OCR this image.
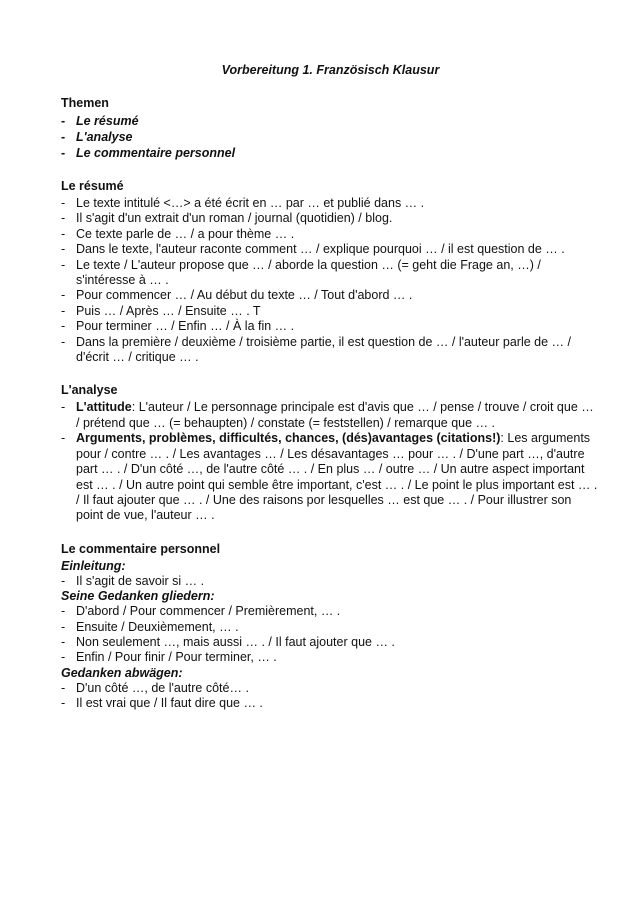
Vorbereitung 1. Französisch Klausur
Themen
- Le résumé
- L'analyse
- Le commentaire personnel
Le résumé
- Le texte intitulé <…> a été écrit en … par … et publié dans … .
- Il s'agit d'un extrait d'un roman / journal (quotidien) / blog.
- Ce texte parle de … / a pour thème … .
- Dans le texte, l'auteur raconte comment … / explique pourquoi … / il est question de … .
- Le texte / L'auteur propose que … / aborde la question … (= geht die Frage an, …) / s'intéresse à … .
- Pour commencer … / Au début du texte … / Tout d'abord … .
- Puis … / Après … / Ensuite … . T
- Pour terminer … / Enfin … / À la fin … .
- Dans la première / deuxième / troisième partie, il est question de … / l'auteur parle de … / d'écrit … / critique … .
L'analyse
- L'attitude: L'auteur / Le personnage principale est d'avis que … / pense / trouve / croit que … / prétend que … (= behaupten) / constate (= feststellen) / remarque que … .
- Arguments, problèmes, difficultés, chances, (dés)avantages (citations!): Les arguments pour / contre … . / Les avantages … / Les désavantages … pour … . / D'une part …, d'autre part … . / D'un côté …, de l'autre côté … . / En plus … / outre … / Un autre aspect important est … . / Un autre point qui semble être important, c'est … . / Le point le plus important est … . / Il faut ajouter que … . / Une des raisons por lesquelles … est que … . / Pour illustrer son point de vue, l'auteur … .
Le commentaire personnel
Einleitung:
- Il s'agit de savoir si … .
Seine Gedanken gliedern:
- D'abord / Pour commencer / Premièrement, … .
- Ensuite / Deuxièmement, … .
- Non seulement …, mais aussi … . / Il faut ajouter que … .
- Enfin / Pour finir / Pour terminer, … .
Gedanken abwägen:
- D'un côté …, de l'autre côté… .
- Il est vrai que / Il faut dire que … .
